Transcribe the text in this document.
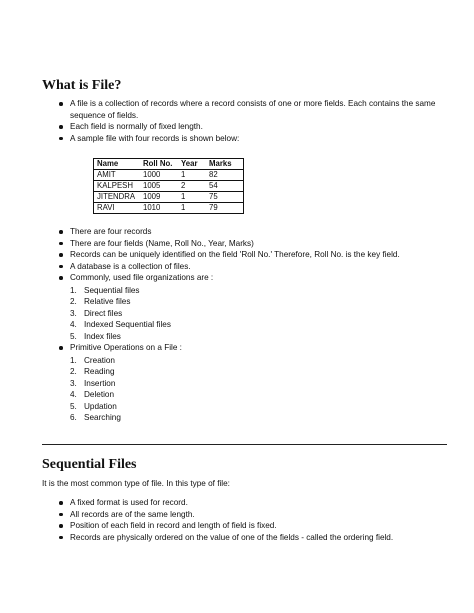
What is File?
A file is a collection of records where a record consists of one or more fields. Each contains the same sequence of fields.
Each field is normally of fixed length.
A sample file with four records is shown below:
Name	Roll No.	Year	Marks
AMIT	1000	1	82
KALPESH	1005	2	54
JITENDRA	1009	1	75
RAVI	1010	1	79
There are four records
There are four fields (Name, Roll No., Year, Marks)
Records can be uniquely identified on the field 'Roll No.' Therefore, Roll No. is the key field.
A database is a collection of files.
Commonly, used file organizations are :
1. Sequential files
2. Relative files
3. Direct files
4. Indexed Sequential files
5. Index files
Primitive Operations on a File :
1. Creation
2. Reading
3. Insertion
4. Deletion
5. Updation
6. Searching
Sequential Files

It is the most common type of file. In this type of file:

A fixed format is used for record.
All records are of the same length.
Position of each field in record and length of field is fixed.
Records are physically ordered on the value of one of the fields - called the ordering field.
